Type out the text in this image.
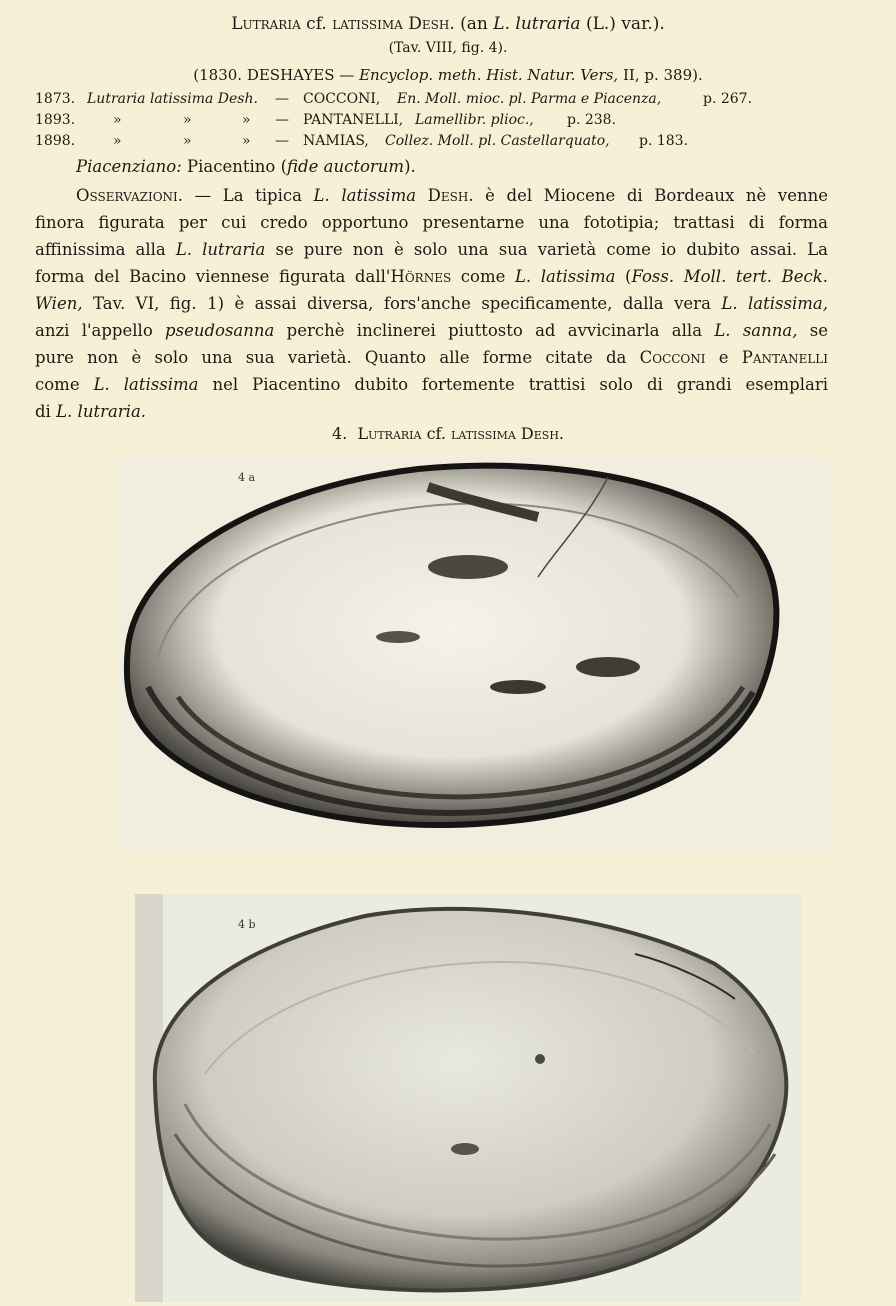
Lutraria cf. latissima Desh. (an L. lutraria (L.) var.).
(Tav. VIII, fig. 4).
(1830. DESHAYES — Encyclop. meth. Hist. Natur. Vers, II, p. 389).
1873. Lutraria latissima Desh. — COCCONI, En. Moll. mioc. pl. Parma e Piacenza,	p. 267.
1893.	»	»	» — PANTANELLI, Lamellibr. plioc., p. 238.
1898.	»	»	» — NAMIAS, Collez. Moll. pl. Castellarquato, p. 183.
Piacenziano: Piacentino (fide auctorum).
Osservazioni. — La tipica L. latissima Desh. è del Miocene di Bordeaux nè venne
finora figurata per cui credo opportuno presentarne una fototipia; trattasi di forma
affinissima alla L. lutraria se pure non è solo una sua varietà come io dubito assai. La
forma del Bacino viennese figurata dall'Hörnes come L. latissima (Foss. Moll. tert. Beck.
Wien, Tav. VI, fig. 1) è assai diversa, fors'anche specificamente, dalla vera L. latissima,
anzi l'appello pseudosanna perchè inclinerei piuttosto ad avvicinarla alla L. sanna, se
pure non è solo una sua varietà. Quanto alle forme citate da Cocconi e Pantanelli
come L. latissima nel Piacentino dubito fortemente trattisi solo di grandi esemplari
di L. lutraria.
4. Lutraria cf. latissima Desh.
4 a
4 b
